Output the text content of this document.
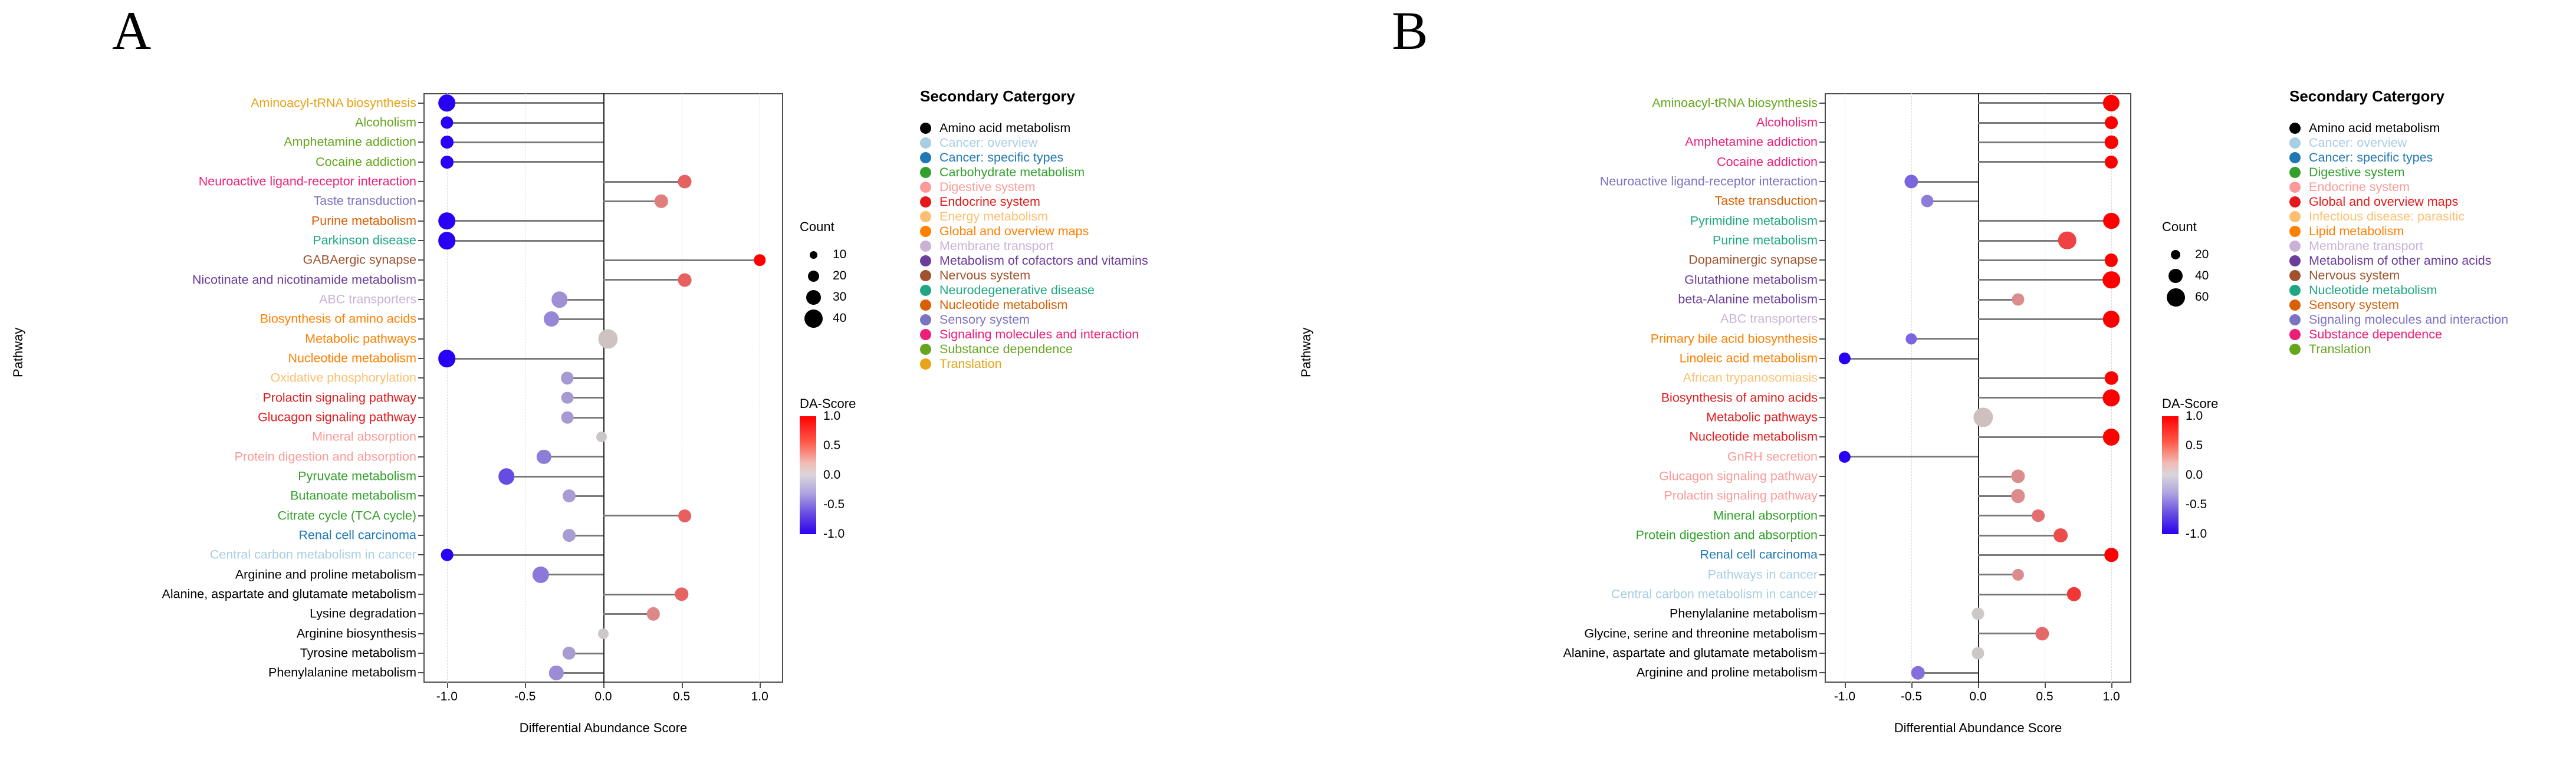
A
Pathway
Aminoacyl-tRNA biosynthesis
Alcoholism
Amphetamine addiction
Cocaine addiction
Neuroactive ligand-receptor interaction
Taste transduction
Purine metabolism
Parkinson disease
GABAergic synapse
Nicotinate and nicotinamide metabolism
ABC transporters
Biosynthesis of amino acids
Metabolic pathways
Nucleotide metabolism
Oxidative phosphorylation
Prolactin signaling pathway
Glucagon signaling pathway
Mineral absorption
Protein digestion and absorption
Pyruvate metabolism
Butanoate metabolism
Citrate cycle (TCA cycle)
Renal cell carcinoma
Central carbon metabolism in cancer
Arginine and proline metabolism
Alanine, aspartate and glutamate metabolism
Lysine degradation
Arginine biosynthesis
Tyrosine metabolism
Phenylalanine metabolism
-1.0	-0.5	0.0	0.5	1.0
Differential Abundance Score
Count
10
20
30
40
DA-Score
1.0
0.5
0.0
-0.5
-1.0
Secondary Catergory
Amino acid metabolism
Cancer: overview
Cancer: specific types
Carbohydrate metabolism
Digestive system
Endocrine system
Energy metabolism
Global and overview maps
Membrane transport
Metabolism of cofactors and vitamins
Nervous system
Neurodegenerative disease
Nucleotide metabolism
Sensory system
Signaling molecules and interaction
Substance dependence
Translation
B
Pathway
Aminoacyl-tRNA biosynthesis
Alcoholism
Amphetamine addiction
Cocaine addiction
Neuroactive ligand-receptor interaction
Taste transduction
Pyrimidine metabolism
Purine metabolism
Dopaminergic synapse
Glutathione metabolism
beta-Alanine metabolism
ABC transporters
Primary bile acid biosynthesis
Linoleic acid metabolism
African trypanosomiasis
Biosynthesis of amino acids
Metabolic pathways
Nucleotide metabolism
GnRH secretion
Glucagon signaling pathway
Prolactin signaling pathway
Mineral absorption
Protein digestion and absorption
Renal cell carcinoma
Pathways in cancer
Central carbon metabolism in cancer
Phenylalanine metabolism
Glycine, serine and threonine metabolism
Alanine, aspartate and glutamate metabolism
Arginine and proline metabolism
-1.0	-0.5	0.0	0.5	1.0
Differential Abundance Score
Count
20
40
60
DA-Score
1.0
0.5
0.0
-0.5
-1.0
Secondary Catergory
Amino acid metabolism
Cancer: overview
Cancer: specific types
Digestive system
Endocrine system
Global and overview maps
Infectious disease: parasitic
Lipid metabolism
Membrane transport
Metabolism of other amino acids
Nervous system
Nucleotide metabolism
Sensory system
Signaling molecules and interaction
Substance dependence
Translation
